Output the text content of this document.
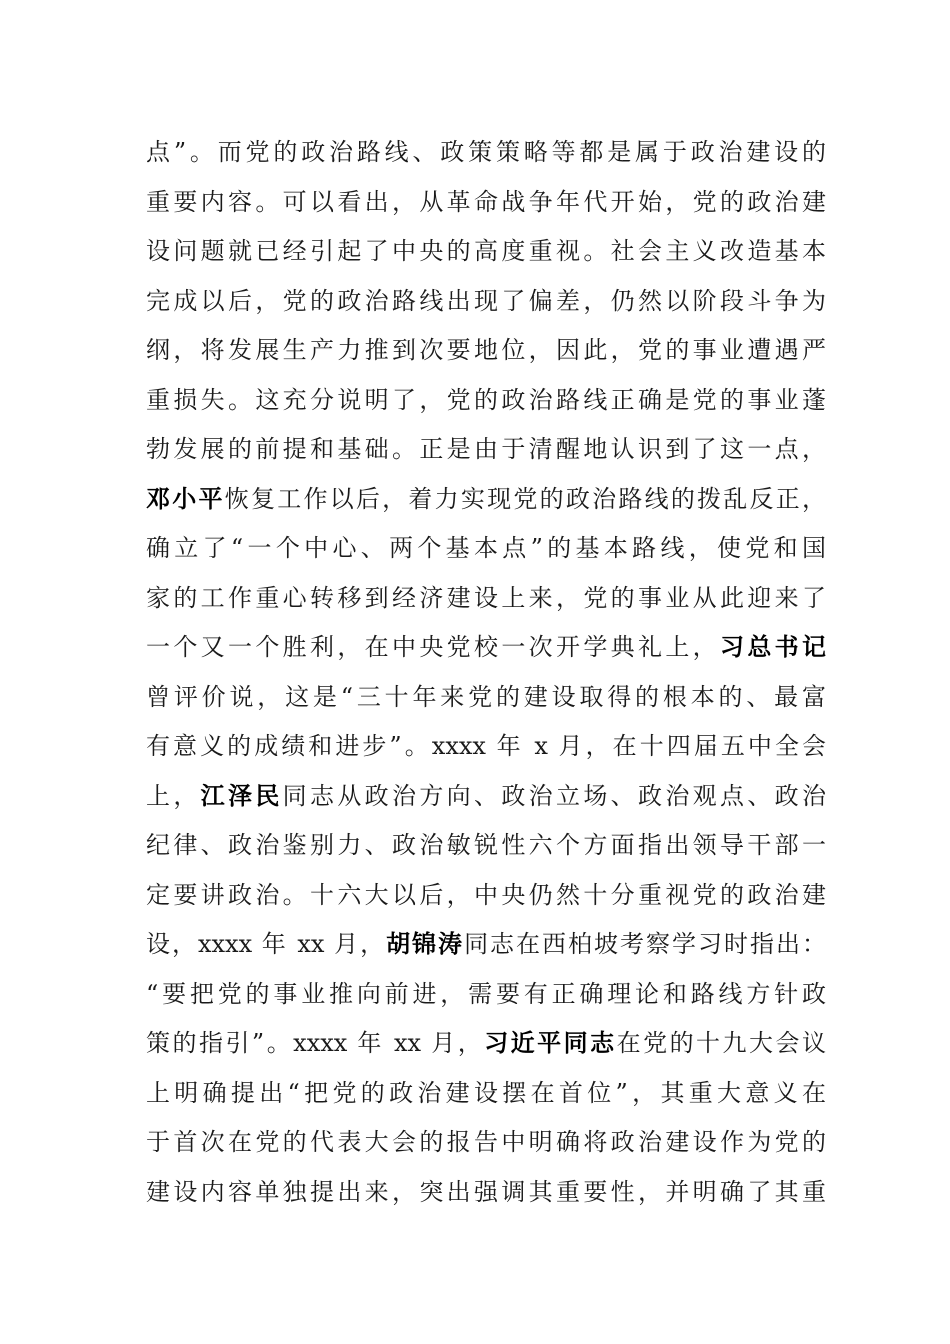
点”。而党的政治路线、政策策略等都是属于政治建设的
重要内容。可以看出，从革命战争年代开始，党的政治建
设问题就已经引起了中央的高度重视。社会主义改造基本
完成以后，党的政治路线出现了偏差，仍然以阶段斗争为
纲，将发展生产力推到次要地位，因此，党的事业遭遇严
重损失。这充分说明了，党的政治路线正确是党的事业蓬
勃发展的前提和基础。正是由于清醒地认识到了这一点，
邓小平恢复工作以后，着力实现党的政治路线的拨乱反正，
确立了“一个中心、两个基本点”的基本路线，使党和国
家的工作重心转移到经济建设上来，党的事业从此迎来了
一个又一个胜利，在中央党校一次开学典礼上，习总书记
曾评价说，这是“三十年来党的建设取得的根本的、最富
有意义的成绩和进步”。xxxx 年 x 月，在十四届五中全会
上，江泽民同志从政治方向、政治立场、政治观点、政治
纪律、政治鉴别力、政治敏锐性六个方面指出领导干部一
定要讲政治。十六大以后，中央仍然十分重视党的政治建
设，xxxx 年 xx 月，胡锦涛同志在西柏坡考察学习时指出：
“要把党的事业推向前进，需要有正确理论和路线方针政
策的指引”。xxxx 年 xx 月，习近平同志在党的十九大会议
上明确提出“把党的政治建设摆在首位”，其重大意义在
于首次在党的代表大会的报告中明确将政治建设作为党的
建设内容单独提出来，突出强调其重要性，并明确了其重
